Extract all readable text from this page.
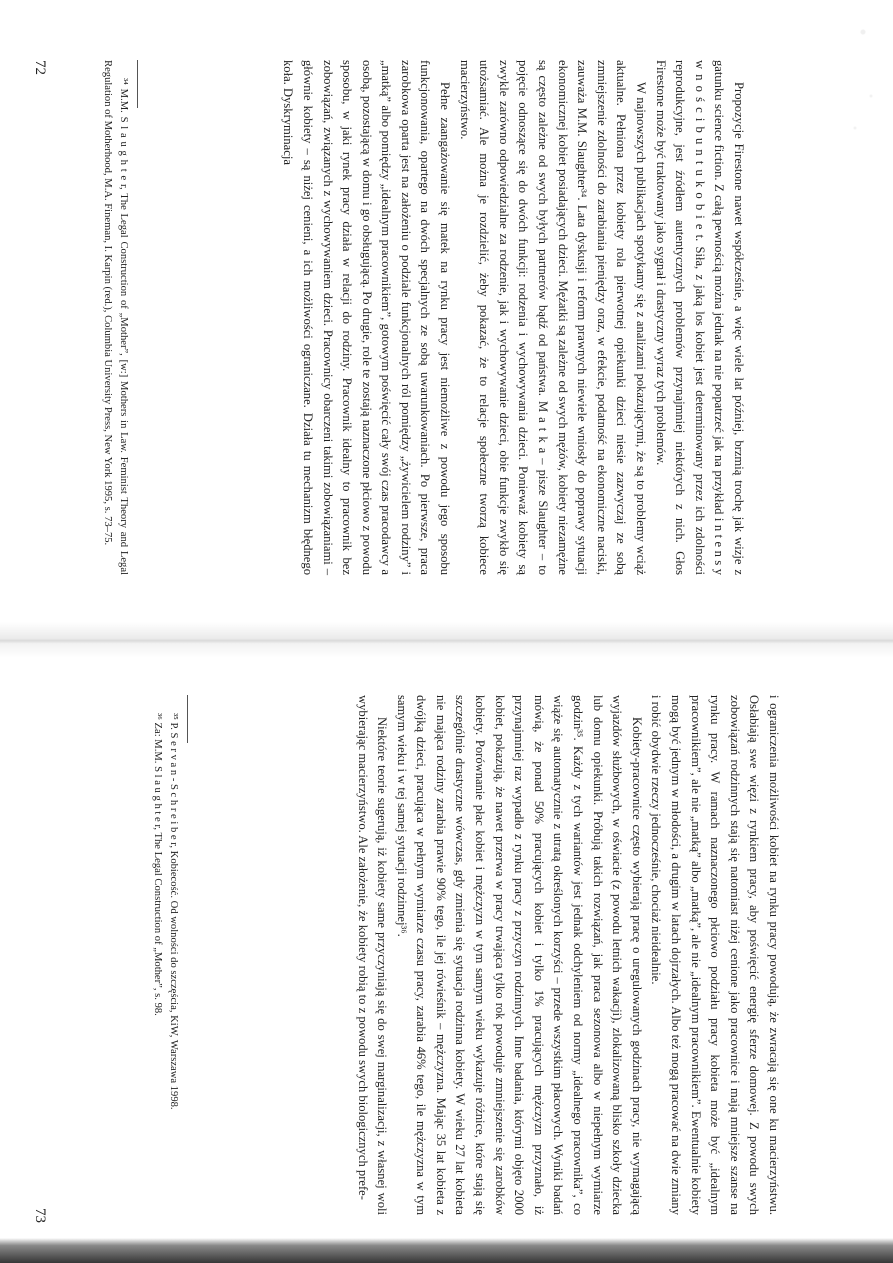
Propozycje Firestone nawet współcześnie, a więc wiele lat później, brzmią trochę jak wizje z gatunku science fiction. Z całą pewnością można jednak na nie popatrzeć jak na przykład i n t e n s y w n o ś c i b u n t u k o b i e t. Siła, z jaką los kobiet jest determinowany przez ich zdolności reprodukcyjne, jest źródłem autentycznych problemów przynajmniej niektórych z nich. Głos Firestone może być traktowany jako sygnał i drastyczny wyraz tych problemów.

W najnowszych publikacjach spotykamy się z analizami pokazującymi, że są to problemy wciąż aktualne. Pełniona przez kobiety rola pierwotnej opiekunki dzieci niesie zazwyczaj ze sobą zmniejszenie zdolności do zarabiania pieniędzy oraz, w efekcie, podatność na ekonomiczne naciski, zauważa M.M. Slaughter³⁴. Lata dyskusji i reform prawnych niewiele wniosły do poprawy sytuacji ekonomicznej kobiet posiadających dzieci. Mężatki są zależne od swych mężów, kobiety niezamężne są często zależne od swych byłych partnerów bądź od państwa. M a t k a – pisze Slaughter – to pojęcie odnoszące się do dwóch funkcji: rodzenia i wychowywania dzieci. Ponieważ kobiety są zwykle zarówno odpowiedzialne za rodzenie, jak i wychowywanie dzieci, obie funkcje zwykło się utożsamiać. Ale można je rozdzielić, żeby pokazać, że to relacje społeczne tworzą kobiece macierzyństwo.

Pełne zaangażowanie się matek na rynku pracy jest niemożliwe z powodu jego sposobu funkcjonowania, opartego na dwóch specjalnych ze sobą uwarunkowaniach. Po pierwsze, praca zarobkowa oparta jest na założeniu o podziale funkcjonalnych ról pomiędzy „żywicielem rodziny” i „matką” albo pomiędzy „idealnym pracownikiem”, gotowym poświęcić cały swój czas pracodawcy a osobą, pozostającą w domu i go obsługującą. Po drugie, role te zostają naznaczone płciowo z powodu sposobu, w jaki rynek pracy działa w relacji do rodziny. Pracownik idealny to pracownik bez zobowiązań, związanych z wychowywaniem dzieci. Pracownicy obarczeni takimi zobowiązaniami – głównie kobiety – są niżej cenieni, a ich możliwości ograniczane. Działa tu mechanizm błędnego koła. Dyskryminacja

³⁴ M.M. S l a u g h t e r, The Legal Construction of „Mother”, [w:] Mothers in Law. Feminist Theory and Legal Regulation of Motherhood, M.A. Fineman, I. Karpin (red.), Columbia University Press, New York 1995, s. 73–75.

72

i ograniczenia możliwości kobiet na rynku pracy powodują, że zwracają się one ku macierzyństwu. Osłabiają swe więzi z rynkiem pracy, aby poświęcić energię sferze domowej. Z powodu swych zobowiązań rodzinnych stają się natomiast niżej cenione jako pracownice i mają mniejsze szanse na rynku pracy. W ramach naznaczonego płciowo podziału pracy kobieta może być „idealnym pracownikiem”, ale nie „matką” albo „matką”, ale nie „idealnym pracownikiem”. Ewentualnie kobiety mogą być jednym w młodości, a drugim w latach dojrzałych. Albo też mogą pracować na dwie zmiany i robić obydwie rzeczy jednocześnie, chociaż nieidealnie.

Kobiety-pracownice często wybierają pracę o uregulowanych godzinach pracy, nie wymagającą wyjazdów służbowych, w oświacie (z powodu letnich wakacji), zlokalizowaną blisko szkoły dziecka lub domu opiekunki. Próbują takich rozwiązań, jak praca sezonowa albo w niepełnym wymiarze godzin³⁵. Każdy z tych wariantów jest jednak odchyleniem od normy „idealnego pracownika”, co wiąże się automatycznie z utratą określonych korzyści – przede wszystkim płacowych. Wyniki badań mówią, że ponad 50% pracujących kobiet i tylko 1% pracujących mężczyzn przyznało, iż przynajmniej raz wypadło z rynku pracy z przyczyn rodzinnych. Inne badania, którymi objęto 2000 kobiet, pokazują, że nawet przerwa w pracy trwająca tylko rok powoduje zmniejszenie się zarobków kobiety. Porównanie płac kobiet i mężczyzn w tym samym wieku wykazuje różnice, które stają się szczególnie drastyczne wówczas, gdy zmienia się sytuacja rodzinna kobiety. W wieku 27 lat kobieta nie mająca rodziny zarabia prawie 90% tego, ile jej rówieśnik – mężczyzna. Mając 35 lat kobieta z dwójką dzieci, pracująca w pełnym wymiarze czasu pracy, zarabia 46% tego, ile mężczyzna w tym samym wieku i w tej samej sytuacji rodzinnej³⁶.

Niektóre teorie sugerują, iż kobiety same przyczyniają się do swej marginalizacji, z własnej woli wybierając macierzyństwo. Ale założenie, że kobiety robią to z powodu swych biologicznych prefe-

³⁵ P. S e r v a n - S c h r e i b e r, Kobiecość. Od wolności do szczęścia, KiW, Warszawa 1998.

³⁶ Za: M.M. S l a u g h t e r, The Legal Construction of „Mother”, s. 98.

73
